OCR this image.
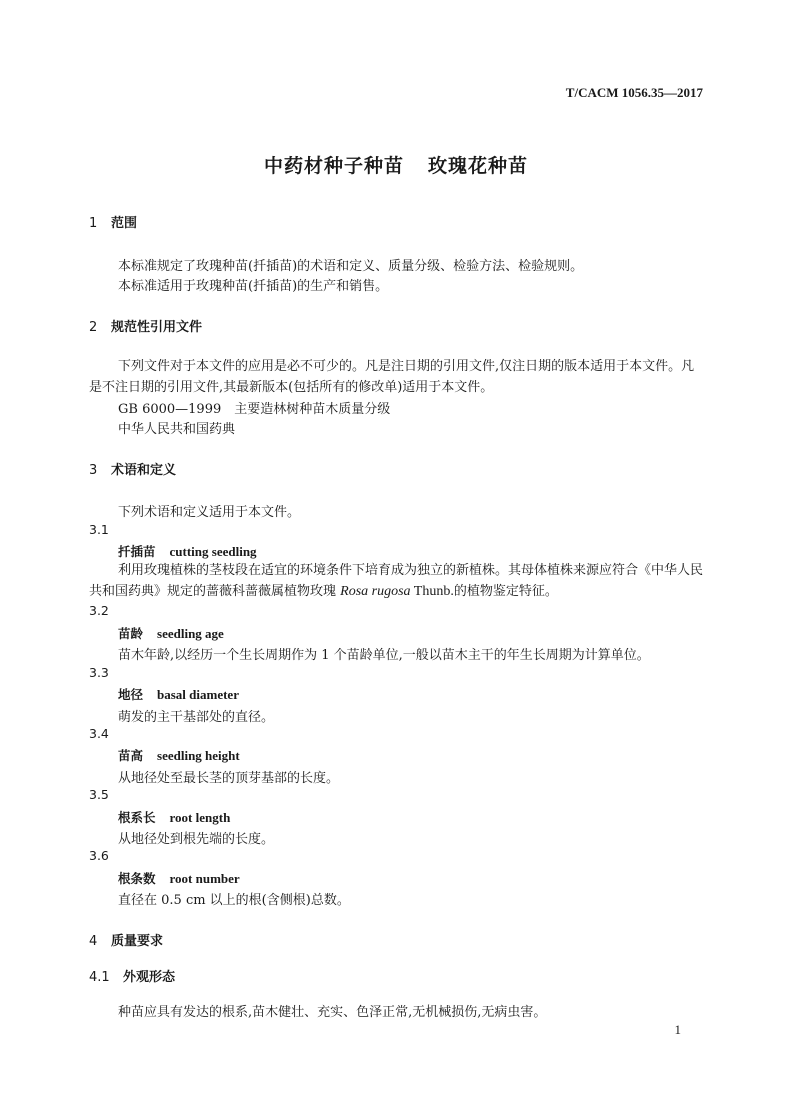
T/CACM 1056.35—2017
中药材种子种苗 玫瑰花种苗
1 范围
本标准规定了玫瑰种苗(扦插苗)的术语和定义、质量分级、检验方法、检验规则。
本标准适用于玫瑰种苗(扦插苗)的生产和销售。
2 规范性引用文件
下列文件对于本文件的应用是必不可少的。凡是注日期的引用文件,仅注日期的版本适用于本文件。凡是不注日期的引用文件,其最新版本(包括所有的修改单)适用于本文件。
GB 6000—1999　主要造林树种苗木质量分级
中华人民共和国药典
3 术语和定义
下列术语和定义适用于本文件。
3.1
扦插苗 cutting seedling
利用玫瑰植株的茎枝段在适宜的环境条件下培育成为独立的新植株。其母体植株来源应符合《中华人民共和国药典》规定的蔷薇科蔷薇属植物玫瑰 Rosa rugosa Thunb.的植物鉴定特征。
3.2
苗龄 seedling age
苗木年龄,以经历一个生长周期作为 1 个苗龄单位,一般以苗木主干的年生长周期为计算单位。
3.3
地径 basal diameter
萌发的主干基部处的直径。
3.4
苗高 seedling height
从地径处至最长茎的顶芽基部的长度。
3.5
根系长 root length
从地径处到根先端的长度。
3.6
根条数 root number
直径在 0.5 cm 以上的根(含侧根)总数。
4 质量要求
4.1 外观形态
种苗应具有发达的根系,苗木健壮、充实、色泽正常,无机械损伤,无病虫害。
1
